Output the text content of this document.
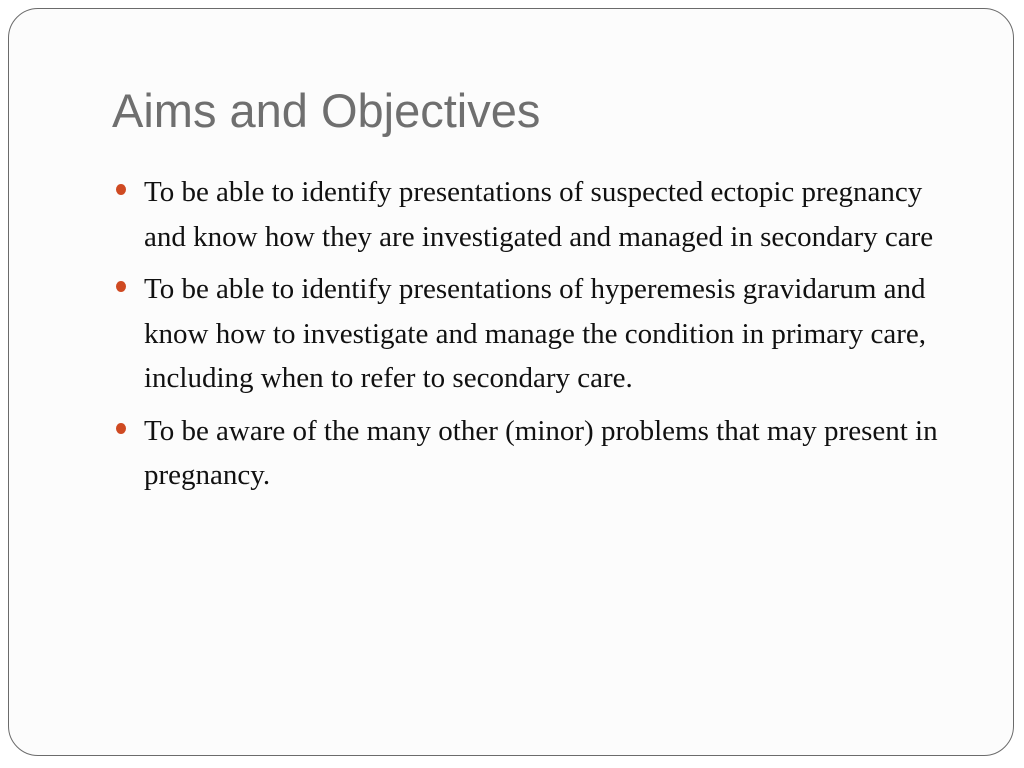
Aims and Objectives
To be able to identify presentations of suspected ectopic pregnancy and know how they are investigated and managed in secondary care
To be able to identify presentations of hyperemesis gravidarum and know how to investigate and manage the condition in primary care, including when to refer to secondary care.
To be aware of the many other (minor) problems that may present in pregnancy.
